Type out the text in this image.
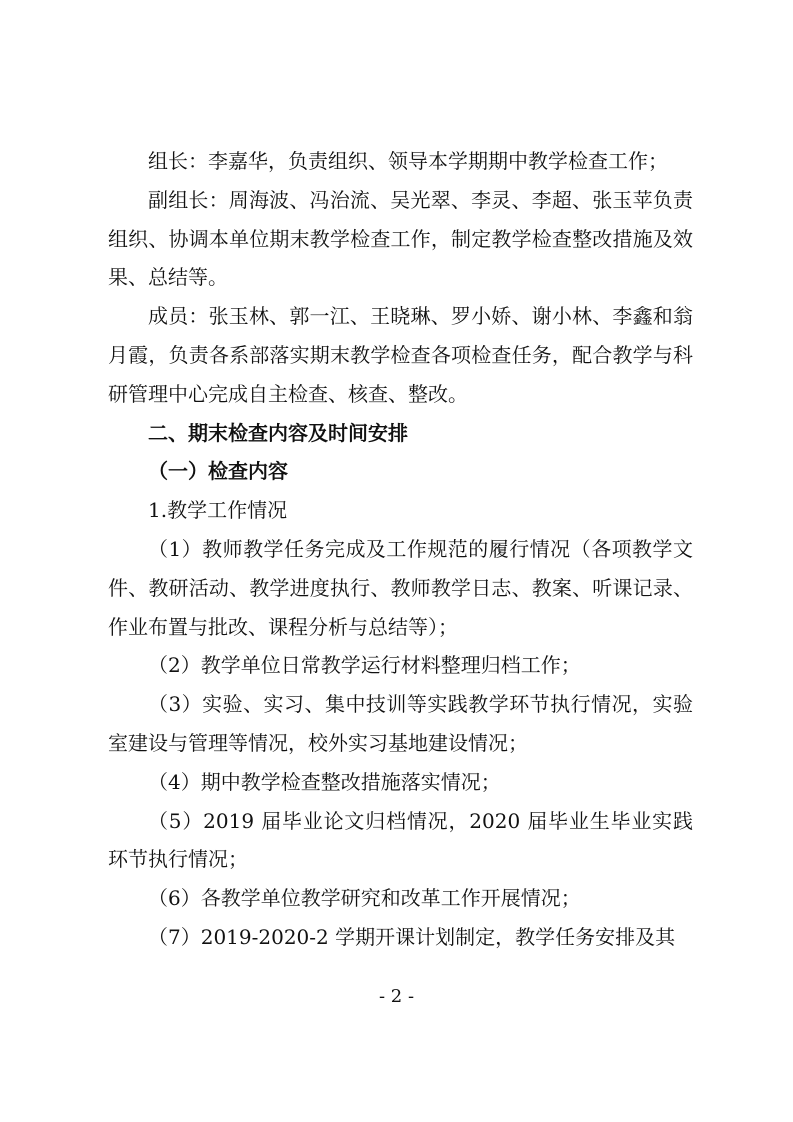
组长：李嘉华，负责组织、领导本学期期中教学检查工作；

副组长：周海波、冯治流、吴光翠、李灵、李超、张玉苹负责组织、协调本单位期末教学检查工作，制定教学检查整改措施及效果、总结等。

成员：张玉林、郭一江、王晓琳、罗小娇、谢小林、李鑫和翁月霞，负责各系部落实期末教学检查各项检查任务，配合教学与科研管理中心完成自主检查、核查、整改。

二、期末检查内容及时间安排

（一）检查内容

1.教学工作情况

（1）教师教学任务完成及工作规范的履行情况（各项教学文件、教研活动、教学进度执行、教师教学日志、教案、听课记录、作业布置与批改、课程分析与总结等）；

（2）教学单位日常教学运行材料整理归档工作；

（3）实验、实习、集中技训等实践教学环节执行情况，实验室建设与管理等情况，校外实习基地建设情况；

（4）期中教学检查整改措施落实情况；

（5）2019 届毕业论文归档情况，2020 届毕业生毕业实践环节执行情况；

（6）各教学单位教学研究和改革工作开展情况；

（7）2019-2020-2 学期开课计划制定，教学任务安排及其

- 2 -
